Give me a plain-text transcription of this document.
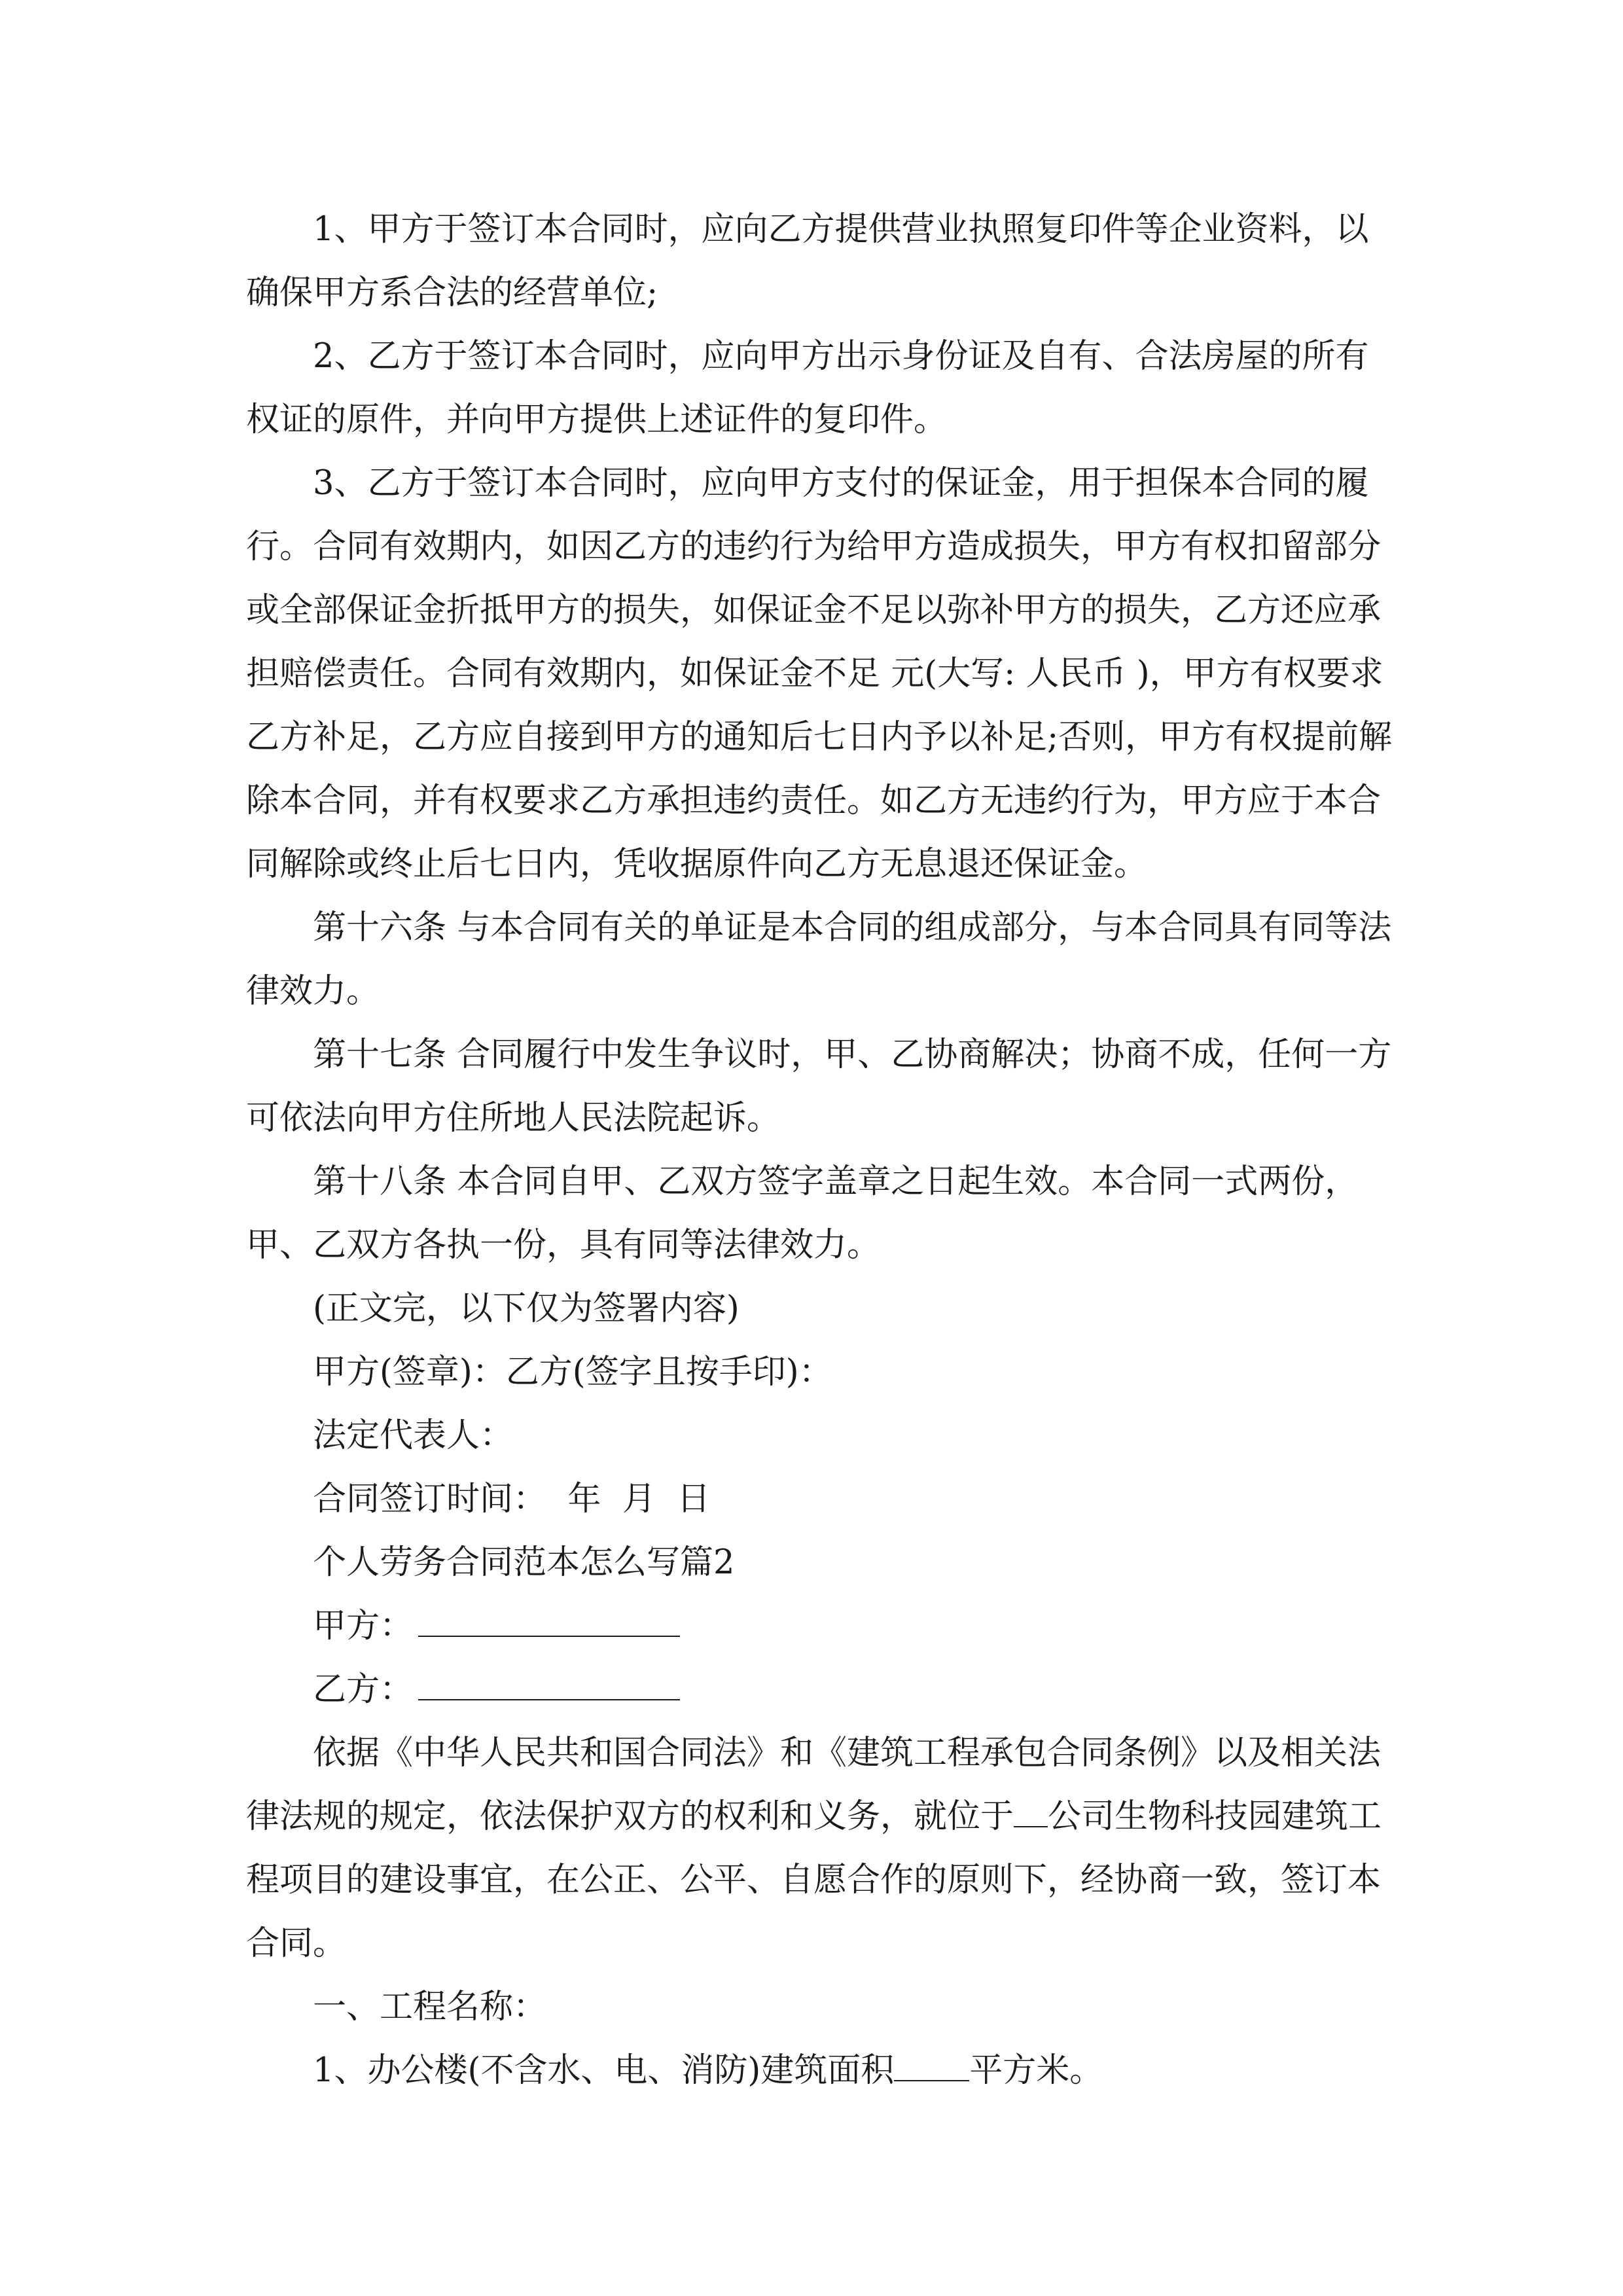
1、甲方于签订本合同时，应向乙方提供营业执照复印件等企业资料，以确保甲方系合法的经营单位;

2、乙方于签订本合同时，应向甲方出示身份证及自有、合法房屋的所有权证的原件，并向甲方提供上述证件的复印件。

3、乙方于签订本合同时，应向甲方支付的保证金，用于担保本合同的履行。合同有效期内，如因乙方的违约行为给甲方造成损失，甲方有权扣留部分或全部保证金折抵甲方的损失，如保证金不足以弥补甲方的损失，乙方还应承担赔偿责任。合同有效期内，如保证金不足 元(大写: 人民币 )，甲方有权要求乙方补足，乙方应自接到甲方的通知后七日内予以补足;否则，甲方有权提前解除本合同，并有权要求乙方承担违约责任。如乙方无违约行为，甲方应于本合同解除或终止后七日内，凭收据原件向乙方无息退还保证金。

第十六条 与本合同有关的单证是本合同的组成部分，与本合同具有同等法律效力。

第十七条 合同履行中发生争议时，甲、乙协商解决；协商不成，任何一方可依法向甲方住所地人民法院起诉。

第十八条 本合同自甲、乙双方签字盖章之日起生效。本合同一式两份，甲、乙双方各执一份，具有同等法律效力。

(正文完，以下仅为签署内容)

甲方(签章)：乙方(签字且按手印)：

法定代表人：

合同签订时间：  年  月  日

个人劳务合同范本怎么写篇2

甲方：

乙方：

依据《中华人民共和国合同法》和《建筑工程承包合同条例》以及相关法律法规的规定，依法保护双方的权利和义务，就位于 公司生物科技园建筑工程项目的建设事宜，在公正、公平、自愿合作的原则下，经协商一致，签订本合同。

一、工程名称：

1、办公楼(不含水、电、消防)建筑面积 平方米。
